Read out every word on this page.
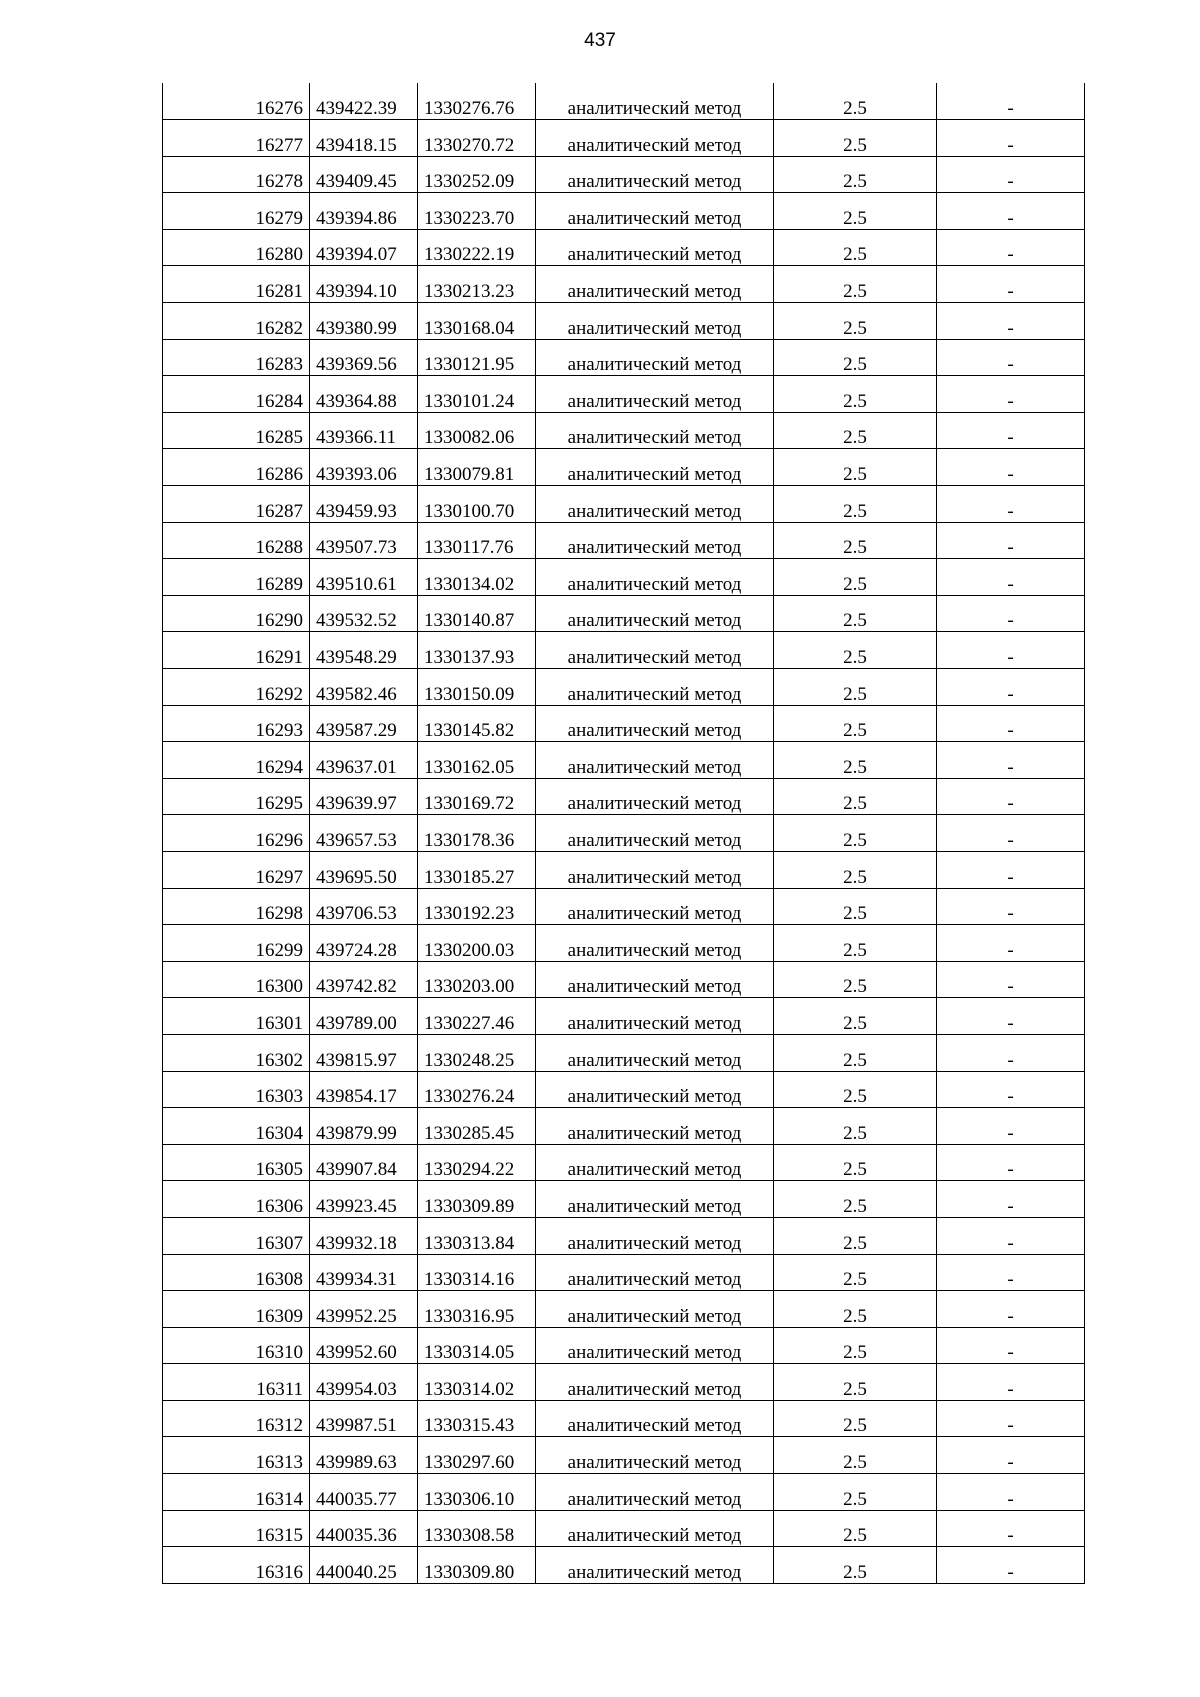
437
16276	439422.39	1330276.76	аналитический метод	2.5	-
16277	439418.15	1330270.72	аналитический метод	2.5	-
16278	439409.45	1330252.09	аналитический метод	2.5	-
16279	439394.86	1330223.70	аналитический метод	2.5	-
16280	439394.07	1330222.19	аналитический метод	2.5	-
16281	439394.10	1330213.23	аналитический метод	2.5	-
16282	439380.99	1330168.04	аналитический метод	2.5	-
16283	439369.56	1330121.95	аналитический метод	2.5	-
16284	439364.88	1330101.24	аналитический метод	2.5	-
16285	439366.11	1330082.06	аналитический метод	2.5	-
16286	439393.06	1330079.81	аналитический метод	2.5	-
16287	439459.93	1330100.70	аналитический метод	2.5	-
16288	439507.73	1330117.76	аналитический метод	2.5	-
16289	439510.61	1330134.02	аналитический метод	2.5	-
16290	439532.52	1330140.87	аналитический метод	2.5	-
16291	439548.29	1330137.93	аналитический метод	2.5	-
16292	439582.46	1330150.09	аналитический метод	2.5	-
16293	439587.29	1330145.82	аналитический метод	2.5	-
16294	439637.01	1330162.05	аналитический метод	2.5	-
16295	439639.97	1330169.72	аналитический метод	2.5	-
16296	439657.53	1330178.36	аналитический метод	2.5	-
16297	439695.50	1330185.27	аналитический метод	2.5	-
16298	439706.53	1330192.23	аналитический метод	2.5	-
16299	439724.28	1330200.03	аналитический метод	2.5	-
16300	439742.82	1330203.00	аналитический метод	2.5	-
16301	439789.00	1330227.46	аналитический метод	2.5	-
16302	439815.97	1330248.25	аналитический метод	2.5	-
16303	439854.17	1330276.24	аналитический метод	2.5	-
16304	439879.99	1330285.45	аналитический метод	2.5	-
16305	439907.84	1330294.22	аналитический метод	2.5	-
16306	439923.45	1330309.89	аналитический метод	2.5	-
16307	439932.18	1330313.84	аналитический метод	2.5	-
16308	439934.31	1330314.16	аналитический метод	2.5	-
16309	439952.25	1330316.95	аналитический метод	2.5	-
16310	439952.60	1330314.05	аналитический метод	2.5	-
16311	439954.03	1330314.02	аналитический метод	2.5	-
16312	439987.51	1330315.43	аналитический метод	2.5	-
16313	439989.63	1330297.60	аналитический метод	2.5	-
16314	440035.77	1330306.10	аналитический метод	2.5	-
16315	440035.36	1330308.58	аналитический метод	2.5	-
16316	440040.25	1330309.80	аналитический метод	2.5	-
